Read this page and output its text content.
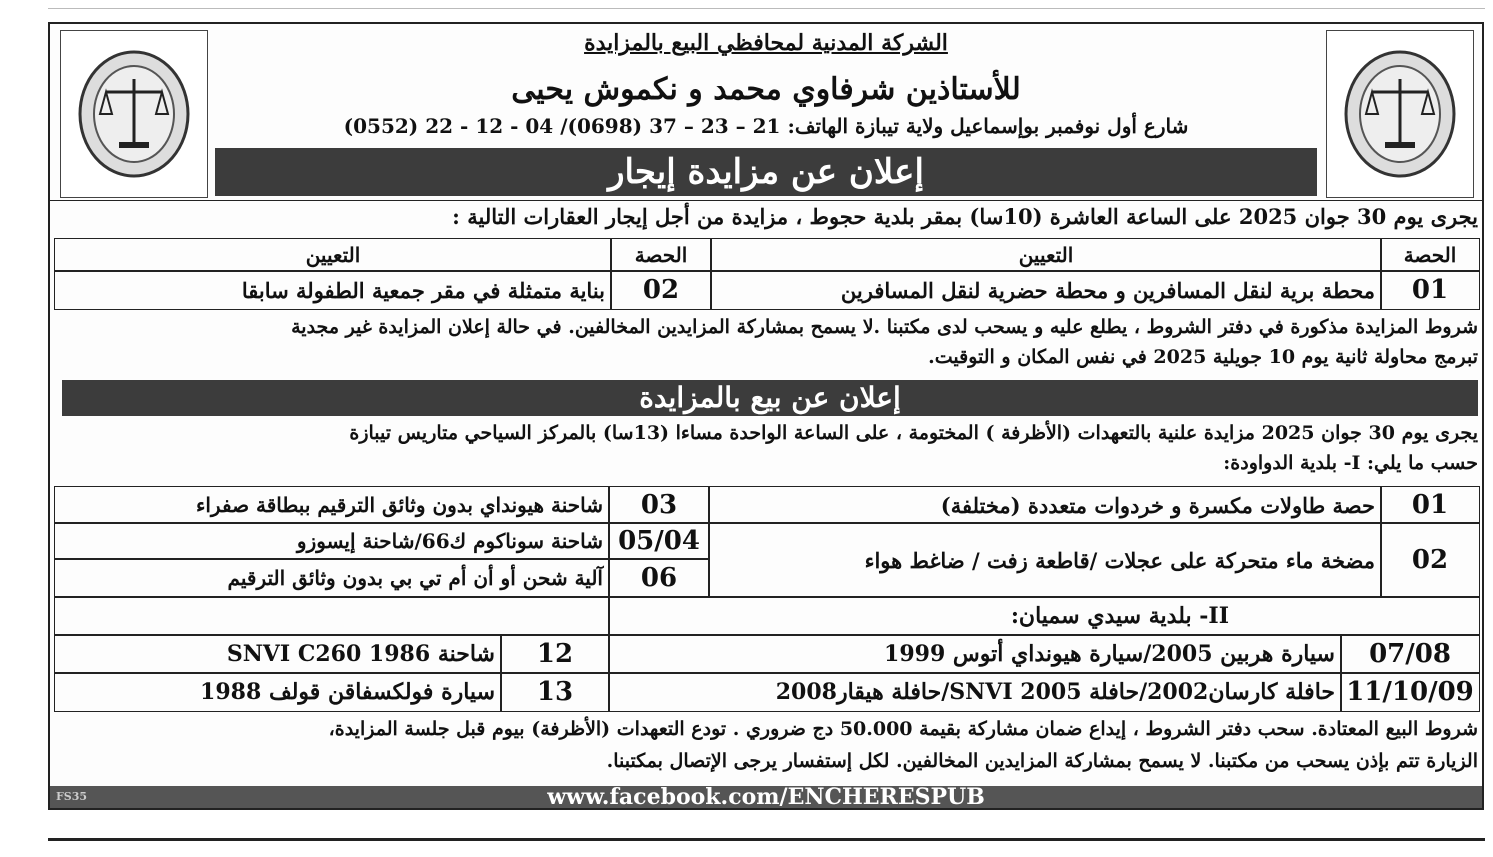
الشركة المدنية لمحافظي البيع بالمزايدة
للأستاذين شرفاوي محمد و نكموش يحيى
شارع أول نوفمبر بوإسماعيل ولاية تيبازة الهاتف: 21 – 23 – 37 (0698)/ 04 - 12 - 22 (0552)
إعلان عن مزايدة إيجار
يجرى يوم 30 جوان 2025 على الساعة العاشرة (10سا) بمقر بلدية حجوط ، مزايدة من أجل إيجار العقارات التالية :
الحصة
التعيين
الحصة
التعيين
01
محطة برية لنقل المسافرين و محطة حضرية لنقل المسافرين
02
بناية متمثلة في مقر جمعية الطفولة سابقا
شروط المزايدة مذكورة في دفتر الشروط ، يطلع عليه و يسحب لدى مكتبنا .لا يسمح بمشاركة المزايدين المخالفين. في حالة إعلان المزايدة غير مجدية
تبرمج محاولة ثانية يوم 10 جويلية 2025 في نفس المكان و التوقيت.
إعلان عن بيع بالمزايدة
يجرى يوم 30 جوان 2025 مزايدة علنية بالتعهدات (الأظرفة ) المختومة ، على الساعة الواحدة مساءا (13سا) بالمركز السياحي متاريس تيبازة
حسب ما يلي: I- بلدية الدواودة:
01
حصة طاولات مكسرة و خردوات متعددة (مختلفة)
02
مضخة ماء متحركة على عجلات /قاطعة زفت / ضاغط هواء
03
شاحنة هيونداي بدون وثائق الترقيم ببطاقة صفراء
05/04
شاحنة سوناكوم ك66/شاحنة إيسوزو
06
آلية شحن أو أن أم تي بي بدون وثائق الترقيم
II- بلدية سيدي سميان:
07/08
سيارة هربين 2005/سيارة هيونداي أتوس 1999
11/10/09
حافلة كارسان2002/حافلة SNVI 2005/حافلة هيقار2008
12
شاحنة SNVI C260 1986
13
سيارة فولكسفاقن قولف 1988
شروط البيع المعتادة. سحب دفتر الشروط ، إيداع ضمان مشاركة بقيمة 50.000 دج ضروري . تودع التعهدات (الأظرفة) بيوم قبل جلسة المزايدة،
الزيارة تتم بإذن يسحب من مكتبنا. لا يسمح بمشاركة المزايدين المخالفين. لكل إستفسار يرجى الإتصال بمكتبنا.
FS35	www.facebook.com/ENCHERESPUB
